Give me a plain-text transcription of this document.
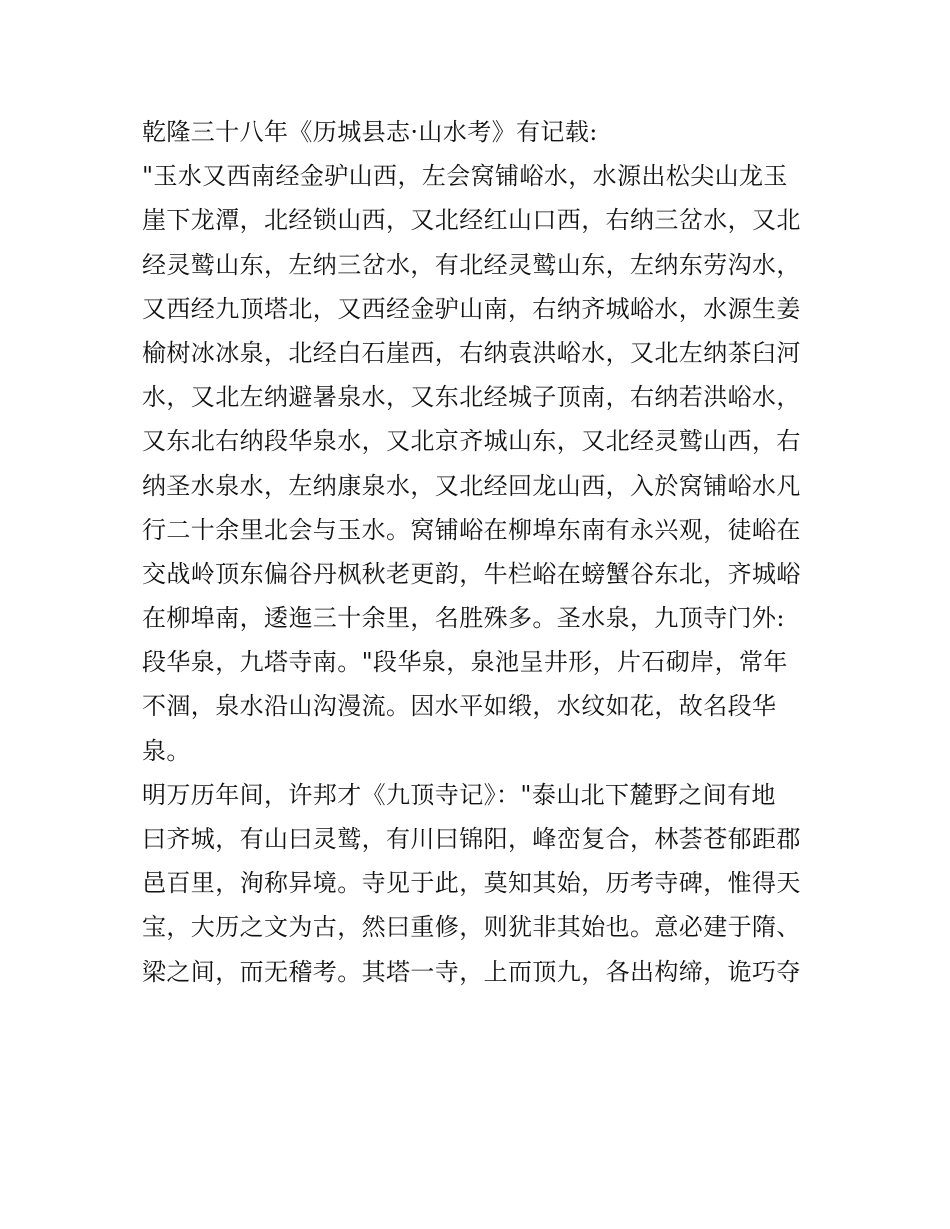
乾隆三十八年《历城县志·山水考》有记载:
"玉水又西南经金驴山西，左会窝铺峪水，水源出松尖山龙玉
崖下龙潭，北经锁山西，又北经红山口西，右纳三岔水，又北
经灵鹫山东，左纳三岔水，有北经灵鹫山东，左纳东劳沟水，
又西经九顶塔北，又西经金驴山南，右纳齐城峪水，水源生姜
榆树冰冰泉，北经白石崖西，右纳袁洪峪水，又北左纳茶臼河
水，又北左纳避暑泉水，又东北经城子顶南，右纳若洪峪水，
又东北右纳段华泉水，又北京齐城山东，又北经灵鹫山西，右
纳圣水泉水，左纳康泉水，又北经回龙山西，入於窝铺峪水凡
行二十余里北会与玉水。窝铺峪在柳埠东南有永兴观，徒峪在
交战岭顶东偏谷丹枫秋老更韵，牛栏峪在螃蟹谷东北，齐城峪
在柳埠南，逶迤三十余里，名胜殊多。圣水泉，九顶寺门外:
段华泉，九塔寺南。"段华泉，泉池呈井形，片石砌岸，常年
不涸，泉水沿山沟漫流。因水平如缎，水纹如花，故名段华
泉。
明万历年间，许邦才《九顶寺记》："泰山北下麓野之间有地
曰齐城，有山曰灵鹫，有川曰锦阳，峰峦复合，林荟苍郁距郡
邑百里，洵称异境。寺见于此，莫知其始，历考寺碑，惟得天
宝，大历之文为古，然曰重修，则犹非其始也。意必建于隋、
梁之间，而无稽考。其塔一寺，上而顶九，各出构缔，诡巧夺
